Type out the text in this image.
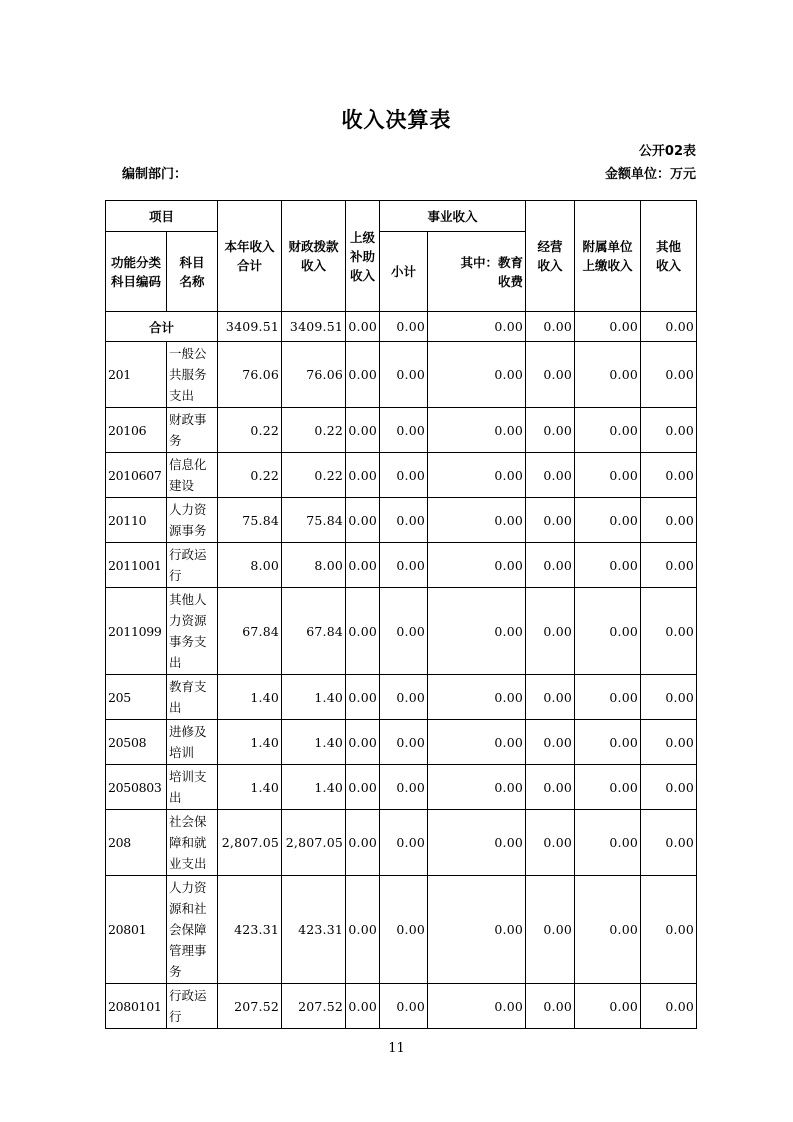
收入决算表
公开02表
编制部门：	金额单位：万元
项目		本年收入合计	财政拨款收入	上级补助收入	事业收入		经营收入	附属单位上缴收入	其他收入
功能分类科目编码	科目名称				小计	其中：教育收费			
合计		3409.51	3409.51	0.00	0.00	0.00	0.00	0.00	0.00
201	一般公共服务支出	76.06	76.06	0.00	0.00	0.00	0.00	0.00	0.00
20106	财政事务	0.22	0.22	0.00	0.00	0.00	0.00	0.00	0.00
2010607	信息化建设	0.22	0.22	0.00	0.00	0.00	0.00	0.00	0.00
20110	人力资源事务	75.84	75.84	0.00	0.00	0.00	0.00	0.00	0.00
2011001	行政运行	8.00	8.00	0.00	0.00	0.00	0.00	0.00	0.00
2011099	其他人力资源事务支出	67.84	67.84	0.00	0.00	0.00	0.00	0.00	0.00
205	教育支出	1.40	1.40	0.00	0.00	0.00	0.00	0.00	0.00
20508	进修及培训	1.40	1.40	0.00	0.00	0.00	0.00	0.00	0.00
2050803	培训支出	1.40	1.40	0.00	0.00	0.00	0.00	0.00	0.00
208	社会保障和就业支出	2,807.05	2,807.05	0.00	0.00	0.00	0.00	0.00	0.00
20801	人力资源和社会保障管理事务	423.31	423.31	0.00	0.00	0.00	0.00	0.00	0.00
2080101	行政运行	207.52	207.52	0.00	0.00	0.00	0.00	0.00	0.00
11
